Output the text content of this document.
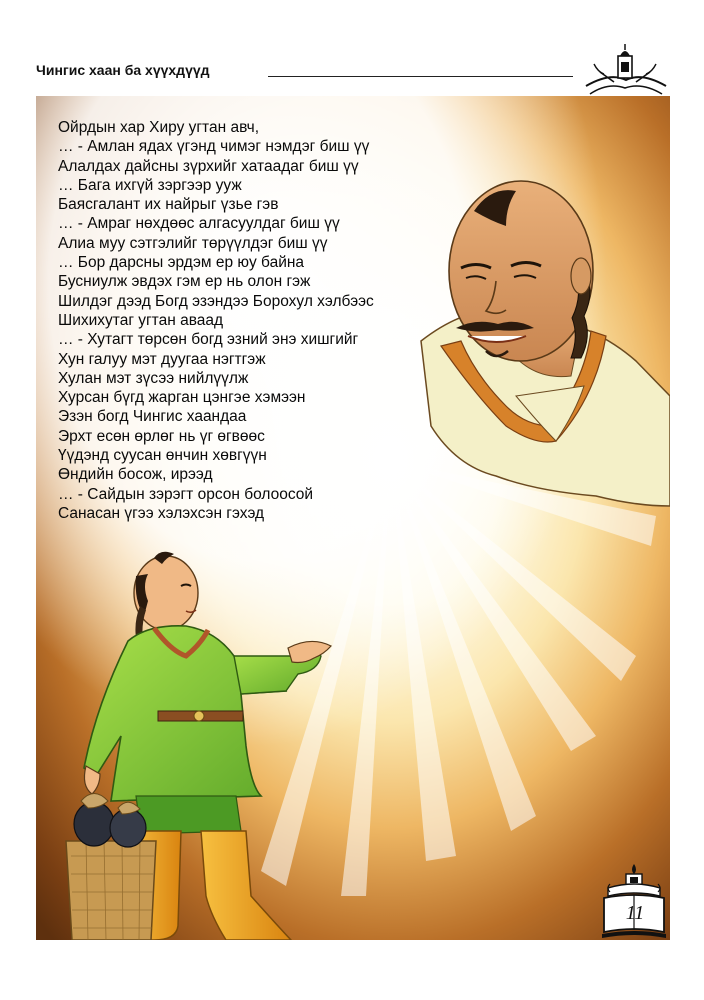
Чингис хаан ба хүүхдүүд
Ойрдын хар Хиру угтан авч,
… - Амлан ядах үгэнд чимэг нэмдэг биш үү
Алалдах дайсны зүрхийг хатаадаг биш үү
… Бага ихгүй зэргээр ууж
Баясгалант их найрыг үзье гэв
… - Амраг нөхдөөс алгасуулдаг биш үү
Алиа муу сэтгэлийг төрүүлдэг биш үү
… Бор дарсны эрдэм ер юу байна
Бусниулж эвдэх гэм ер нь олон гэж
Шилдэг дээд Богд эзэндээ Борохул хэлбээс
Шихихутаг угтан аваад
… - Хутагт төрсөн богд эзний энэ хишгийг
Хун галуу мэт дуугаа нэгтгэж
Хулан мэт зүсээ нийлүүлж
Хурсан бүгд жарган цэнгэе хэмээн
Эзэн богд Чингис хаандаа
Эрхт есөн өрлөг нь үг өгвөөс
Үүдэнд суусан өнчин хөвгүүн
Өндийн босож, ирээд
… - Сайдын зэрэгт орсон болоосой
Санасан үгээ хэлэхсэн гэхэд
11
